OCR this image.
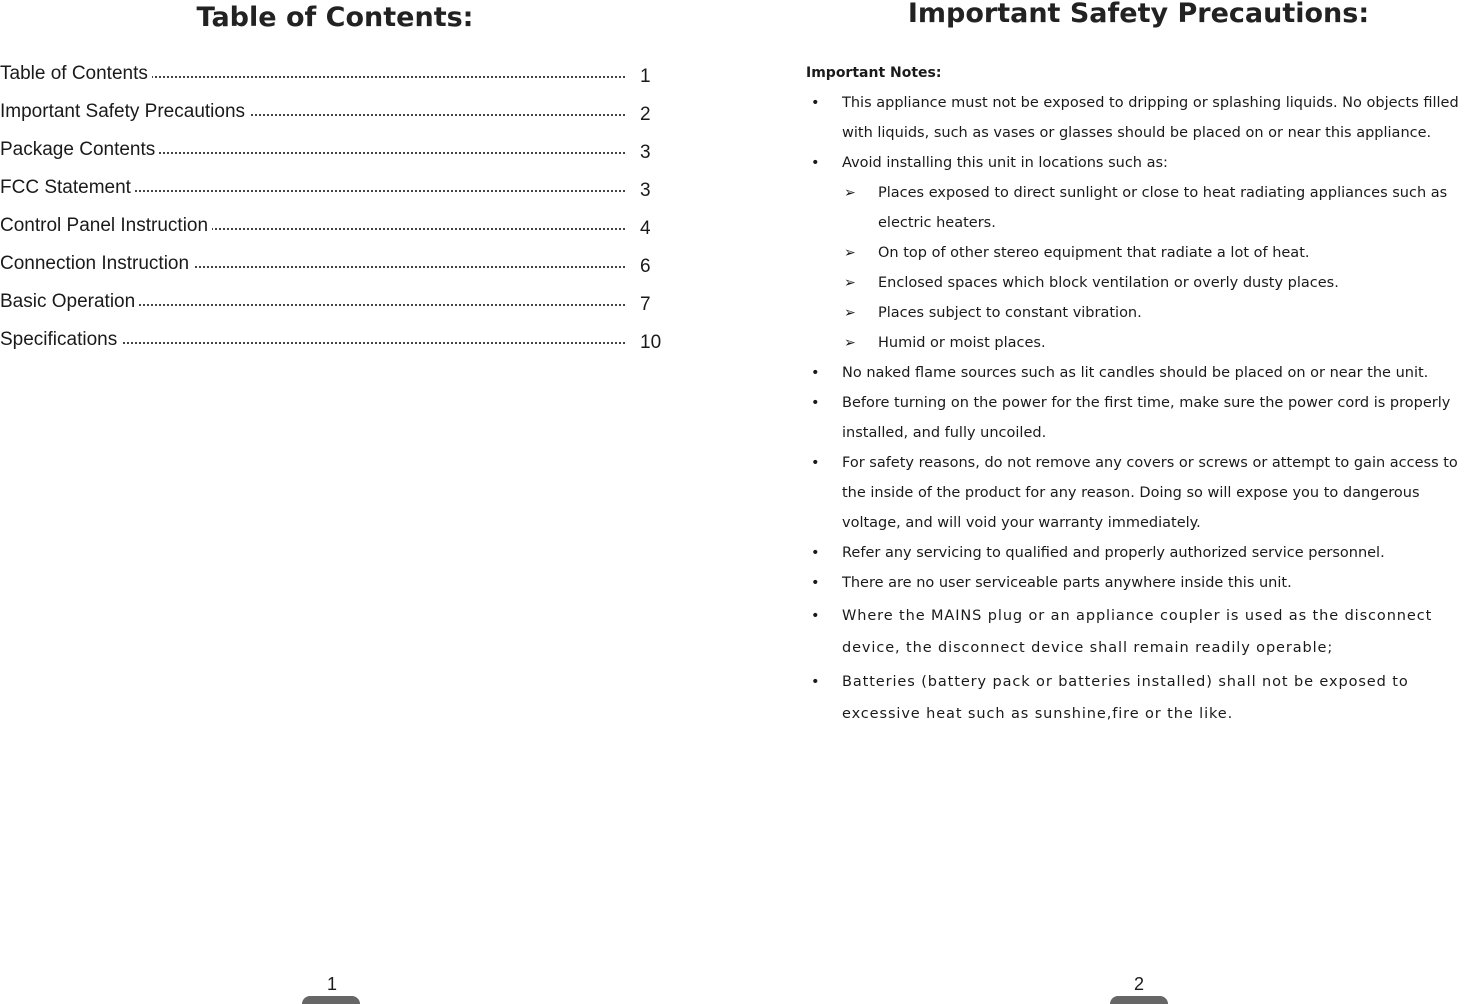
Table of Contents:
Table of Contents	1
Important Safety Precautions	2
Package Contents	3
FCC Statement	3
Control Panel Instruction	4
Connection Instruction	6
Basic Operation	7
Specifications	10
1
Important Safety Precautions:
Important Notes:
• This appliance must not be exposed to dripping or splashing liquids. No objects filled with liquids, such as vases or glasses should be placed on or near this appliance.
• Avoid installing this unit in locations such as:
➢ Places exposed to direct sunlight or close to heat radiating appliances such as electric heaters.
➢ On top of other stereo equipment that radiate a lot of heat.
➢ Enclosed spaces which block ventilation or overly dusty places.
➢ Places subject to constant vibration.
➢ Humid or moist places.
• No naked flame sources such as lit candles should be placed on or near the unit.
• Before turning on the power for the first time, make sure the power cord is properly installed, and fully uncoiled.
• For safety reasons, do not remove any covers or screws or attempt to gain access to the inside of the product for any reason. Doing so will expose you to dangerous voltage, and will void your warranty immediately.
• Refer any servicing to qualified and properly authorized service personnel.
• There are no user serviceable parts anywhere inside this unit.
• Where the MAINS plug or an appliance coupler is used as the disconnect device, the disconnect device shall remain readily operable;
• Batteries (battery pack or batteries installed) shall not be exposed to excessive heat such as sunshine,fire or the like.
2
